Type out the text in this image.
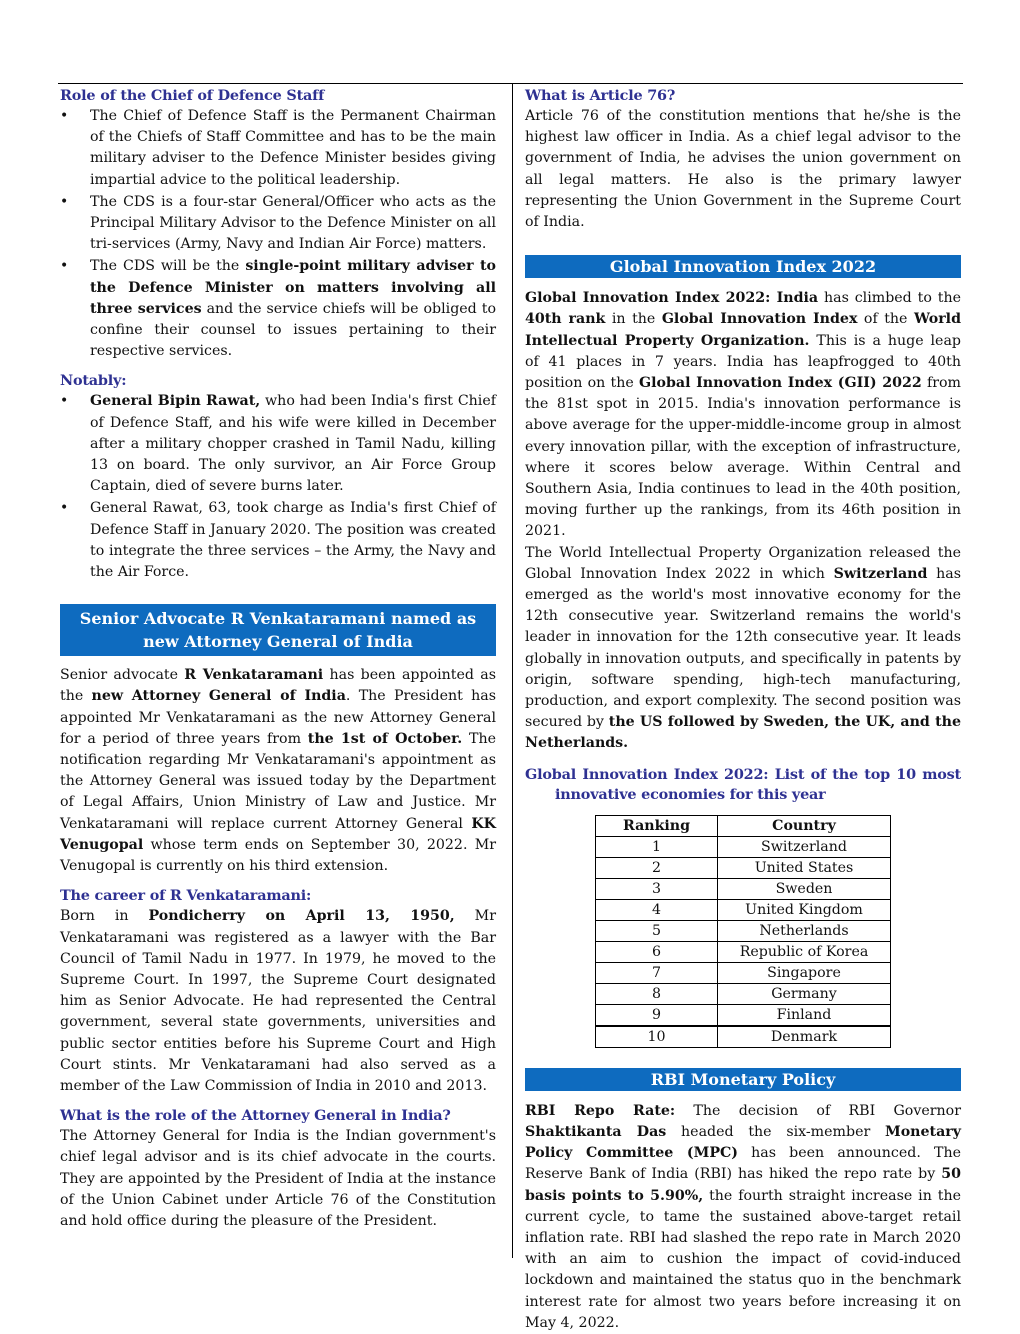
Role of the Chief of Defence Staff
• The Chief of Defence Staff is the Permanent Chairman of the Chiefs of Staff Committee and has to be the main military adviser to the Defence Minister besides giving impartial advice to the political leadership.
• The CDS is a four-star General/Officer who acts as the Principal Military Advisor to the Defence Minister on all tri-services (Army, Navy and Indian Air Force) matters.
• The CDS will be the single-point military adviser to the Defence Minister on matters involving all three services and the service chiefs will be obliged to confine their counsel to issues pertaining to their respective services.
Notably:
• General Bipin Rawat, who had been India's first Chief of Defence Staff, and his wife were killed in December after a military chopper crashed in Tamil Nadu, killing 13 on board. The only survivor, an Air Force Group Captain, died of severe burns later.
• General Rawat, 63, took charge as India's first Chief of Defence Staff in January 2020. The position was created to integrate the three services – the Army, the Navy and the Air Force.
Senior Advocate R Venkataramani named as new Attorney General of India

Senior advocate R Venkataramani has been appointed as the new Attorney General of India. The President has appointed Mr Venkataramani as the new Attorney General for a period of three years from the 1st of October. The notification regarding Mr Venkataramani's appointment as the Attorney General was issued today by the Department of Legal Affairs, Union Ministry of Law and Justice. Mr Venkataramani will replace current Attorney General KK Venugopal whose term ends on September 30, 2022. Mr Venugopal is currently on his third extension.

The career of R Venkataramani:

Born in Pondicherry on April 13, 1950, Mr Venkataramani was registered as a lawyer with the Bar Council of Tamil Nadu in 1977. In 1979, he moved to the Supreme Court. In 1997, the Supreme Court designated him as Senior Advocate. He had represented the Central government, several state governments, universities and public sector entities before his Supreme Court and High Court stints. Mr Venkataramani had also served as a member of the Law Commission of India in 2010 and 2013.

What is the role of the Attorney General in India?

The Attorney General for India is the Indian government's chief legal advisor and is its chief advocate in the courts. They are appointed by the President of India at the instance of the Union Cabinet under Article 76 of the Constitution and hold office during the pleasure of the President.

What is Article 76?

Article 76 of the constitution mentions that he/she is the highest law officer in India. As a chief legal advisor to the government of India, he advises the union government on all legal matters. He also is the primary lawyer representing the Union Government in the Supreme Court of India.

Global Innovation Index 2022

Global Innovation Index 2022: India has climbed to the 40th rank in the Global Innovation Index of the World Intellectual Property Organization. This is a huge leap of 41 places in 7 years. India has leapfrogged to 40th position on the Global Innovation Index (GII) 2022 from the 81st spot in 2015. India's innovation performance is above average for the upper-middle-income group in almost every innovation pillar, with the exception of infrastructure, where it scores below average. Within Central and Southern Asia, India continues to lead in the 40th position, moving further up the rankings, from its 46th position in 2021.

The World Intellectual Property Organization released the Global Innovation Index 2022 in which Switzerland has emerged as the world's most innovative economy for the 12th consecutive year. Switzerland remains the world's leader in innovation for the 12th consecutive year. It leads globally in innovation outputs, and specifically in patents by origin, software spending, high-tech manufacturing, production, and export complexity. The second position was secured by the US followed by Sweden, the UK, and the Netherlands.

Global Innovation Index 2022: List of the top 10 most innovative economies for this year
Ranking	Country
1	Switzerland
2	United States
3	Sweden
4	United Kingdom
5	Netherlands
6	Republic of Korea
7	Singapore
8	Germany
9	Finland
10	Denmark
RBI Monetary Policy

RBI Repo Rate: The decision of RBI Governor Shaktikanta Das headed the six-member Monetary Policy Committee (MPC) has been announced. The Reserve Bank of India (RBI) has hiked the repo rate by 50 basis points to 5.90%, the fourth straight increase in the current cycle, to tame the sustained above-target retail inflation rate. RBI had slashed the repo rate in March 2020 with an aim to cushion the impact of covid-induced lockdown and maintained the status quo in the benchmark interest rate for almost two years before increasing it on May 4, 2022.
